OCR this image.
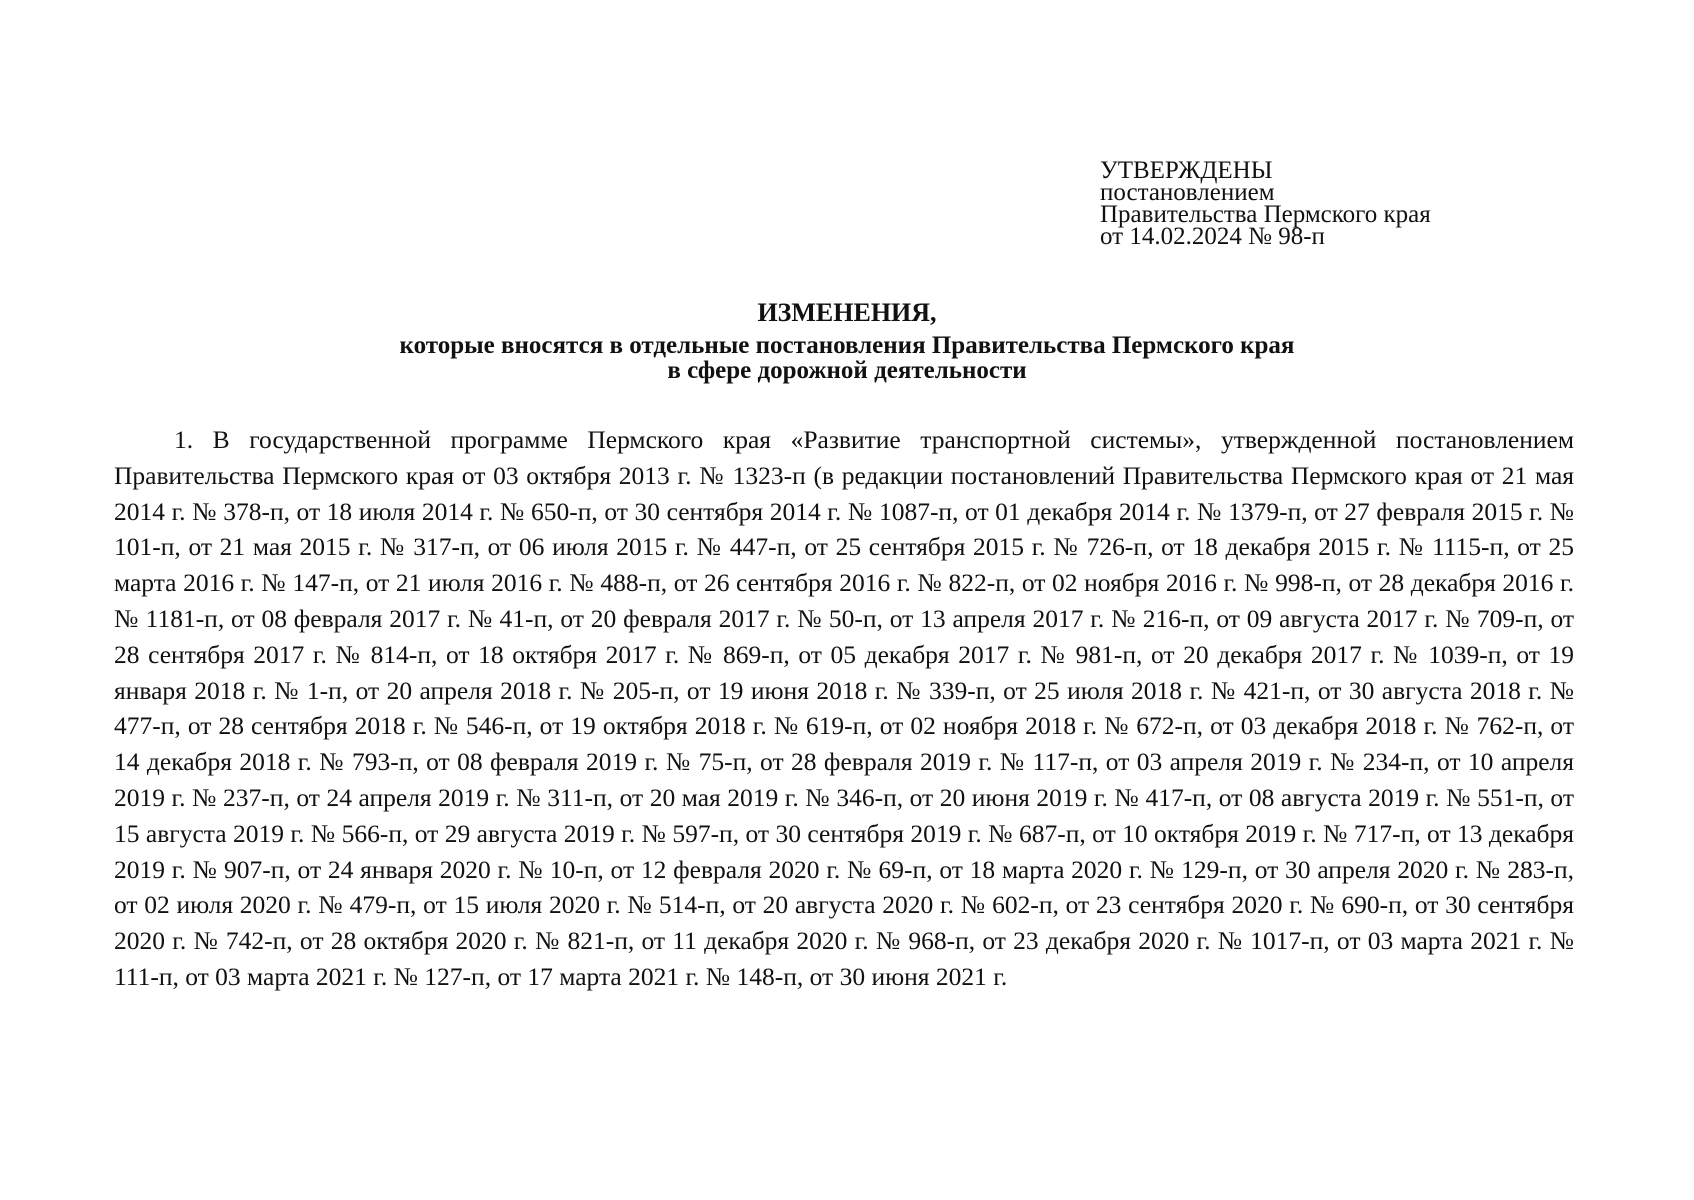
УТВЕРЖДЕНЫ
постановлением
Правительства Пермского края
от 14.02.2024 № 98-п
ИЗМЕНЕНИЯ,
которые вносятся в отдельные постановления Правительства Пермского края
в сфере дорожной деятельности

1. В государственной программе Пермского края «Развитие транспортной системы», утвержденной постановлением Правительства Пермского края от 03 октября 2013 г. № 1323-п (в редакции постановлений Правительства Пермского края от 21 мая 2014 г. № 378-п, от 18 июля 2014 г. № 650-п, от 30 сентября 2014 г. № 1087-п, от 01 декабря 2014 г. № 1379-п, от 27 февраля 2015 г. № 101-п, от 21 мая 2015 г. № 317-п, от 06 июля 2015 г. № 447-п, от 25 сентября 2015 г. № 726-п, от 18 декабря 2015 г. № 1115-п, от 25 марта 2016 г. № 147-п, от 21 июля 2016 г. № 488-п, от 26 сентября 2016 г. № 822-п, от 02 ноября 2016 г. № 998-п, от 28 декабря 2016 г. № 1181-п, от 08 февраля 2017 г. № 41-п, от 20 февраля 2017 г. № 50-п, от 13 апреля 2017 г. № 216-п, от 09 августа 2017 г. № 709-п, от 28 сентября 2017 г. № 814-п, от 18 октября 2017 г. № 869-п, от 05 декабря 2017 г. № 981-п, от 20 декабря 2017 г. № 1039-п, от 19 января 2018 г. № 1-п, от 20 апреля 2018 г. № 205-п, от 19 июня 2018 г. № 339-п, от 25 июля 2018 г. № 421-п, от 30 августа 2018 г. № 477-п, от 28 сентября 2018 г. № 546-п, от 19 октября 2018 г. № 619-п, от 02 ноября 2018 г. № 672-п, от 03 декабря 2018 г. № 762-п, от 14 декабря 2018 г. № 793-п, от 08 февраля 2019 г. № 75-п, от 28 февраля 2019 г. № 117-п, от 03 апреля 2019 г. № 234-п, от 10 апреля 2019 г. № 237-п, от 24 апреля 2019 г. № 311-п, от 20 мая 2019 г. № 346-п, от 20 июня 2019 г. № 417-п, от 08 августа 2019 г. № 551-п, от 15 августа 2019 г. № 566-п, от 29 августа 2019 г. № 597-п, от 30 сентября 2019 г. № 687-п, от 10 октября 2019 г. № 717-п, от 13 декабря 2019 г. № 907-п, от 24 января 2020 г. № 10-п, от 12 февраля 2020 г. № 69-п, от 18 марта 2020 г. № 129-п, от 30 апреля 2020 г. № 283-п, от 02 июля 2020 г. № 479-п, от 15 июля 2020 г. № 514-п, от 20 августа 2020 г. № 602-п, от 23 сентября 2020 г. № 690-п, от 30 сентября 2020 г. № 742-п, от 28 октября 2020 г. № 821-п, от 11 декабря 2020 г. № 968-п, от 23 декабря 2020 г. № 1017-п, от 03 марта 2021 г. № 111-п, от 03 марта 2021 г. № 127-п, от 17 марта 2021 г. № 148-п, от 30 июня 2021 г.
